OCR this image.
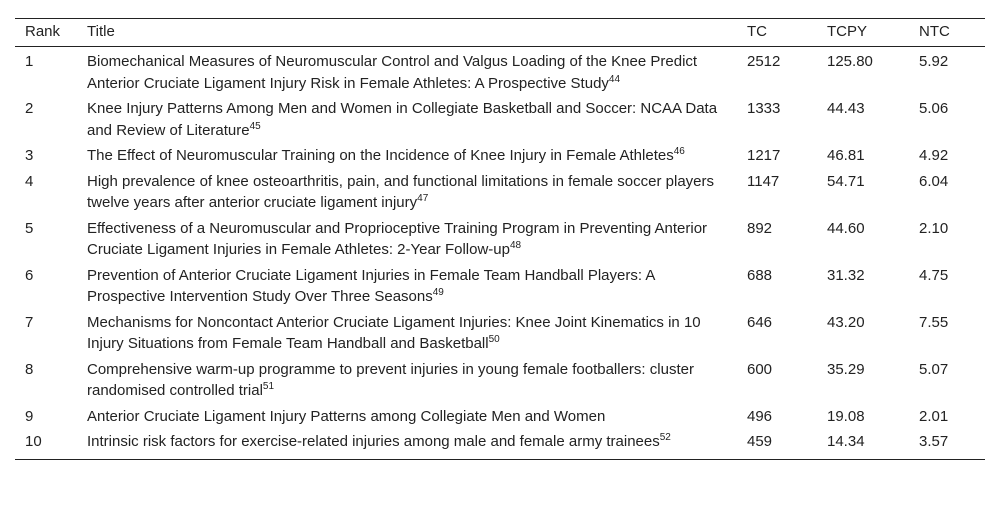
Rank	Title	TC	TCPY	NTC
1	Biomechanical Measures of Neuromuscular Control and Valgus Loading of the Knee Predict Anterior Cruciate Ligament Injury Risk in Female Athletes: A Prospective Study$^{44}$	2512	125.80	5.92
2	Knee Injury Patterns Among Men and Women in Collegiate Basketball and Soccer: NCAA Data and Review of Literature$^{45}$	1333	44.43	5.06
3	The Effect of Neuromuscular Training on the Incidence of Knee Injury in Female Athletes$^{46}$	1217	46.81	4.92
4	High prevalence of knee osteoarthritis, pain, and functional limitations in female soccer players twelve years after anterior cruciate ligament injury$^{47}$	1147	54.71	6.04
5	Effectiveness of a Neuromuscular and Proprioceptive Training Program in Preventing Anterior Cruciate Ligament Injuries in Female Athletes: 2-Year Follow-$up^{48}$	892	44.60	2.10
6	Prevention of Anterior Cruciate Ligament Injuries in Female Team Handball Players: A Prospective Intervention Study Over Three Seasons$^{49}$	688	31.32	4.75
7	Mechanisms for Noncontact Anterior Cruciate Ligament Injuries: Knee Joint Kinematics in 10 Injury Situations from Female Team Handball and Basketball$^{50}$	646	43.20	7.55
8	Comprehensive warm-up programme to prevent injuries in young female footballers: cluster randomised controlled trial$^{51}$	600	35.29	5.07
9	Anterior Cruciate Ligament Injury Patterns among Collegiate Men and Women	496	19.08	2.01
10	Intrinsic risk factors for exercise-related injuries among male and female army trainees$^{52}$	459	14.34	3.57
